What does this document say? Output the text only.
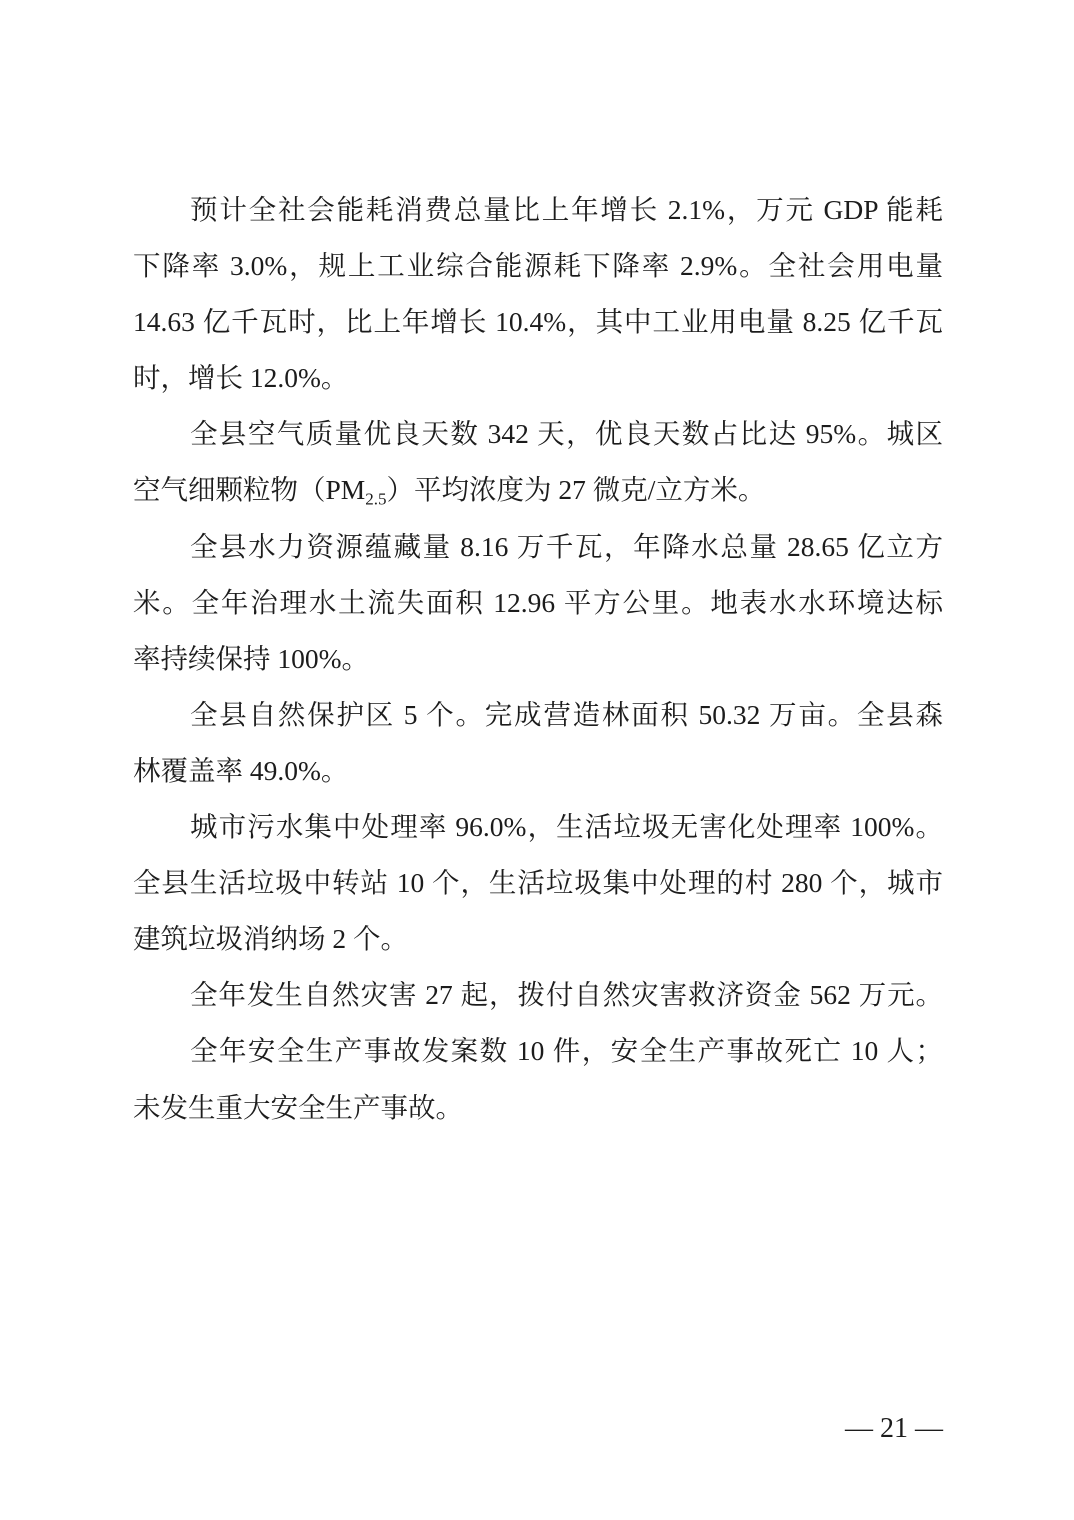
预计全社会能耗消费总量比上年增长 2.1%，万元 GDP 能耗
下降率 3.0%，规上工业综合能源耗下降率 2.9%。全社会用电量
14.63 亿千瓦时，比上年增长 10.4%，其中工业用电量 8.25 亿千瓦
时，增长 12.0%。
全县空气质量优良天数 342 天，优良天数占比达 95%。城区
空气细颗粒物$(PM_{2.5})$平均浓度为 27 微克/立方米。
全县水力资源蕴藏量 8.16 万千瓦，年降水总量 28.65 亿立方
米。全年治理水土流失面积 12.96 平方公里。地表水水环境达标
率持续保持 100%。
全县自然保护区 5 个。完成营造林面积 50.32 万亩。全县森
林覆盖率 49.0%。
城市污水集中处理率 96.0%，生活垃圾无害化处理率 100%。
全县生活垃圾中转站 10 个，生活垃圾集中处理的村 280 个，城市
建筑垃圾消纳场 2 个。
全年发生自然灾害 27 起，拨付自然灾害救济资金 562 万元。
全年安全生产事故发案数 10 件，安全生产事故死亡 10 人；
未发生重大安全生产事故。
— 21 —
